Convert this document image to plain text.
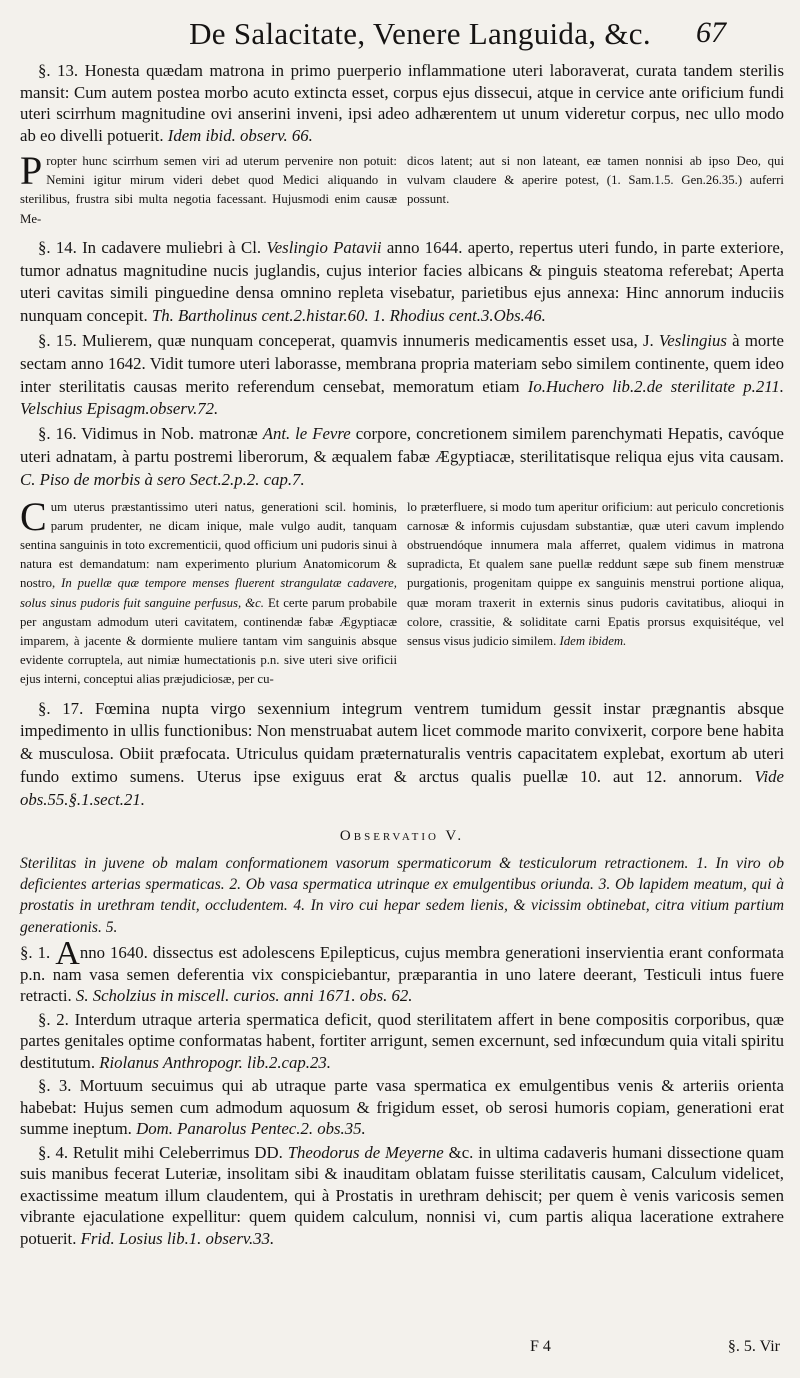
De Salacitate, Venere Languida, &c. 67

§. 13. Honesta quædam matrona in primo puerperio inflammatione uteri laboraverat, curata tandem sterilis mansit: Cum autem postea morbo acuto extincta esset, corpus ejus dissecui, atque in cervice ante orificium fundi uteri scirrhum magnitudine ovi anserini inveni, ipsi adeo adhærentem ut unum videretur corpus, nec ullo modo ab eo divelli potuerit. Idem ibid. observ. 66.

Propter hunc scirrhum semen viri ad uterum pervenire non potuit: Nemini igitur mirum videri debet quod Medici aliquando in sterilibus, frustra sibi multa negotia facessant. Hujusmodi enim causæ Me-

dicos latent; aut si non lateant, eæ tamen nonnisi ab ipso Deo, qui vulvam claudere & aperire potest, (1. Sam.1.5. Gen.26.35.) auferri possunt.

§. 14. In cadavere muliebri à Cl. Veslingio Patavii anno 1644. aperto, repertus uteri fundo, in parte exteriore, tumor adnatus magnitudine nucis juglandis, cujus interior facies albicans & pinguis steatoma referebat; Aperta uteri cavitas simili pinguedine densa omnino repleta visebatur, parietibus ejus annexa: Hinc annorum induciis nunquam concepit. Th. Bartholinus cent.2.histar.60. 1. Rhodius cent.3.Obs.46.

§. 15. Mulierem, quæ nunquam conceperat, quamvis innumeris medicamentis esset usa, J. Veslingius à morte sectam anno 1642. Vidit tumore uteri laborasse, membrana propria materiam sebo similem continente, quem ideo inter sterilitatis causas merito referendum censebat, memoratum etiam Io.Huchero lib.2.de sterilitate p.211. Velschius Episagm.observ.72.

§. 16. Vidimus in Nob. matronæ Ant. le Fevre corpore, concretionem similem parenchymati Hepatis, cavóque uteri adnatam, à partu postremi liberorum, & æqualem fabæ Ægyptiacæ, sterilitatisque reliqua ejus vita causam. C. Piso de morbis à sero Sect.2.p.2. cap.7.

Cum uterus præstantissimo uteri natus, generationi scil. hominis, parum prudenter, ne dicam inique, male vulgo audit, tanquam sentina sanguinis in toto excrementicii, quod officium uni pudoris sinui à natura est demandatum: nam experimento plurium Anatomicorum & nostro, In puellæ quæ tempore menses fluerent strangulatæ cadavere, solus sinus pudoris fuit sanguine perfusus, &c. Et certe parum probabile per angustam admodum uteri cavitatem, continendæ fabæ Ægyptiacæ imparem, à jacente & dormiente muliere tantam vim sanguinis absque evidente corruptela, aut nimiæ humectationis p.n. sive uteri sive orificii ejus interni, conceptui alias præjudiciosæ, per cu-

lo præterfluere, si modo tum aperitur orificium: aut periculo concretionis carnosæ & informis cujusdam substantiæ, quæ uteri cavum implendo obstruendóque innumera mala afferret, qualem vidimus in matrona supradicta, Et qualem sane puellæ reddunt sæpe sub finem menstruæ purgationis, progenitam quippe ex sanguinis menstrui portione aliqua, quæ moram traxerit in externis sinus pudoris cavitatibus, alioqui in colore, crassitie, & soliditate carni Epatis prorsus exquisitéque, vel sensus visus judicio similem. Idem ibidem.

§. 17. Fœmina nupta virgo sexennium integrum ventrem tumidum gessit instar prægnantis absque impedimento in ullis functionibus: Non menstruabat autem licet commode marito convixerit, corpore bene habita & musculosa. Obiit præfocata. Utriculus quidam præternaturalis ventris capacitatem explebat, exortum ab uteri fundo extimo sumens. Uterus ipse exiguus erat & arctus qualis puellæ 10. aut 12. annorum. Vide obs.55.§.1.sect.21.

Observatio V.

Sterilitas in juvene ob malam conformationem vasorum spermaticorum & testiculorum retractionem. 1. In viro ob deficientes arterias spermaticas. 2. Ob vasa spermatica utrinque ex emulgentibus oriunda. 3. Ob lapidem meatum, qui à prostatis in urethram tendit, occludentem. 4. In viro cui hepar sedem lienis, & vicissim obtinebat, citra vitium partium generationis. 5.

§. 1. Anno 1640. dissectus est adolescens Epilepticus, cujus membra generationi inservientia erant conformata p.n. nam vasa semen deferentia vix conspiciebantur, præparantia in uno latere deerant, Testiculi intus fuere retracti. S. Scholzius in miscell. curios. anni 1671. obs. 62.

§. 2. Interdum utraque arteria spermatica deficit, quod sterilitatem affert in bene compositis corporibus, quæ partes genitales optime conformatas habent, fortiter arrigunt, semen excernunt, sed infœcundum quia vitali spiritu destitutum. Riolanus Anthropogr. lib.2.cap.23.

§. 3. Mortuum secuimus qui ab utraque parte vasa spermatica ex emulgentibus venis & arteriis orienta habebat: Hujus semen cum admodum aquosum & frigidum esset, ob serosi humoris copiam, generationi erat summe ineptum. Dom. Panarolus Pentec.2. obs.35.

§. 4. Retulit mihi Celeberrimus DD. Theodorus de Meyerne &c. in ultima cadaveris humani dissectione quam suis manibus fecerat Luteriæ, insolitam sibi & inauditam oblatam fuisse sterilitatis causam, Calculum videlicet, exactissime meatum illum claudentem, qui à Prostatis in urethram dehiscit; per quem è venis varicosis semen vibrante ejaculatione expellitur: quem quidem calculum, nonnisi vi, cum partis aliqua laceratione extrahere potuerit. Frid. Losius lib.1. observ.33.

F 4	§. 5. Vir
